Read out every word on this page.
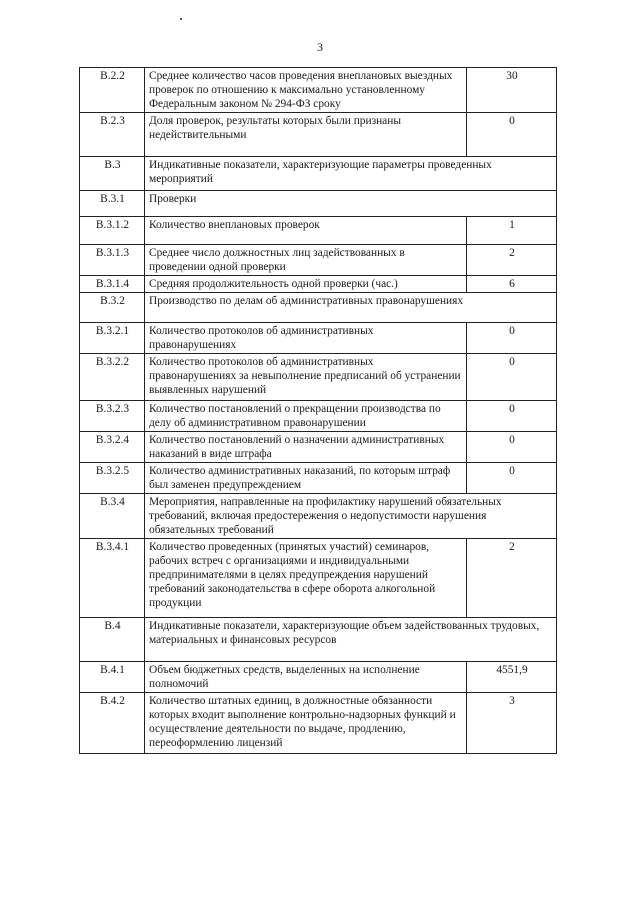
3
В.2.2	Среднее количество часов проведения внеплановых выездных проверок по отношению к максимально установленному Федеральным законом № 294-ФЗ сроку	30
В.2.3	Доля проверок, результаты которых были признаны недействительными	0
В.3	Индикативные показатели, характеризующие параметры проведенных мероприятий
В.3.1	Проверки
В.3.1.2	Количество внеплановых проверок	1
В.3.1.3	Среднее число должностных лиц задействованных в проведении одной проверки	2
В.3.1.4	Средняя продолжительность одной проверки (час.)	6
В.3.2	Производство по делам об административных правонарушениях
В.3.2.1	Количество протоколов об административных правонарушениях	0
В.3.2.2	Количество протоколов об административных правонарушениях за невыполнение предписаний об устранении выявленных нарушений	0
В.3.2.3	Количество постановлений о прекращении производства по делу об административном правонарушении	0
В.3.2.4	Количество постановлений о назначении административных наказаний в виде штрафа	0
В.3.2.5	Количество административных наказаний, по которым штраф был заменен предупреждением	0
В.3.4	Мероприятия, направленные на профилактику нарушений обязательных требований, включая предостережения о недопустимости нарушения обязательных требований
В.3.4.1	Количество проведенных (принятых участий) семинаров, рабочих встреч с организациями и индивидуальными предпринимателями в целях предупреждения нарушений требований законодательства в сфере оборота алкогольной продукции	2
В.4	Индикативные показатели, характеризующие объем задействованных трудовых, материальных и финансовых ресурсов
В.4.1	Объем бюджетных средств, выделенных на исполнение полномочий	4551,9
В.4.2	Количество штатных единиц, в должностные обязанности которых входит выполнение контрольно-надзорных функций и осуществление деятельности по выдаче, продлению, переоформлению лицензий	3
